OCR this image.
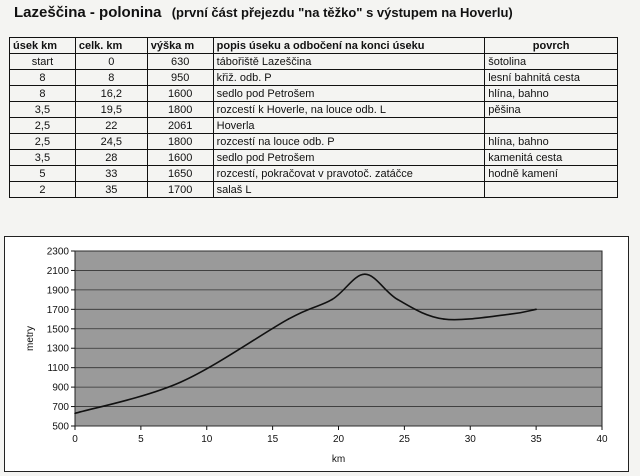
Lazeščina - polonina (první část přejezdu "na těžko" s výstupem na Hoverlu)
úsek km	celk. km	výška m	popis úseku a odbočení na konci úseku	povrch
start	0	630	tábořiště Lazeščina	šotolina
8	8	950	křiž. odb. P	lesní bahnitá cesta
8	16,2	1600	sedlo pod Petrošem	hlína, bahno
3,5	19,5	1800	rozcestí k Hoverle, na louce odb. L	pěšina
2,5	22	2061	Hoverla	
2,5	24,5	1800	rozcestí na louce odb. P	hlína, bahno
3,5	28	1600	sedlo pod Petrošem	kamenitá cesta
5	33	1650	rozcestí, pokračovat v pravotoč. zatáčce	hodně kamení
2	35	1700	salaš L	
500
700
900
1100
1300
1500
1700
1900
2100
2300
0	5	10	15	20	25	30	35	40
metry
km
